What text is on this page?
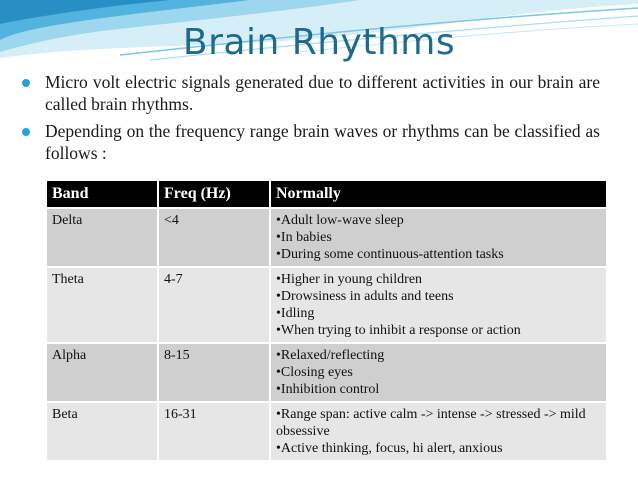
Brain Rhythms
Micro volt electric signals generated due to different activities in our brain are called brain rhythms.
Depending on the frequency range brain waves or rhythms can be classified as follows :
Band	Freq (Hz)	Normally
Delta	<4	•Adult low-wave sleep
•In babies
•During some continuous-attention tasks

Theta	4-7	•Higher in young children
•Drowsiness in adults and teens
•Idling
•When trying to inhibit a response or action

Alpha	8-15	•Relaxed/reflecting
•Closing eyes
•Inhibition control

Beta	16-31	•Range span: active calm -> intense -> stressed -> mild obsessive
•Active thinking, focus, hi alert, anxious
